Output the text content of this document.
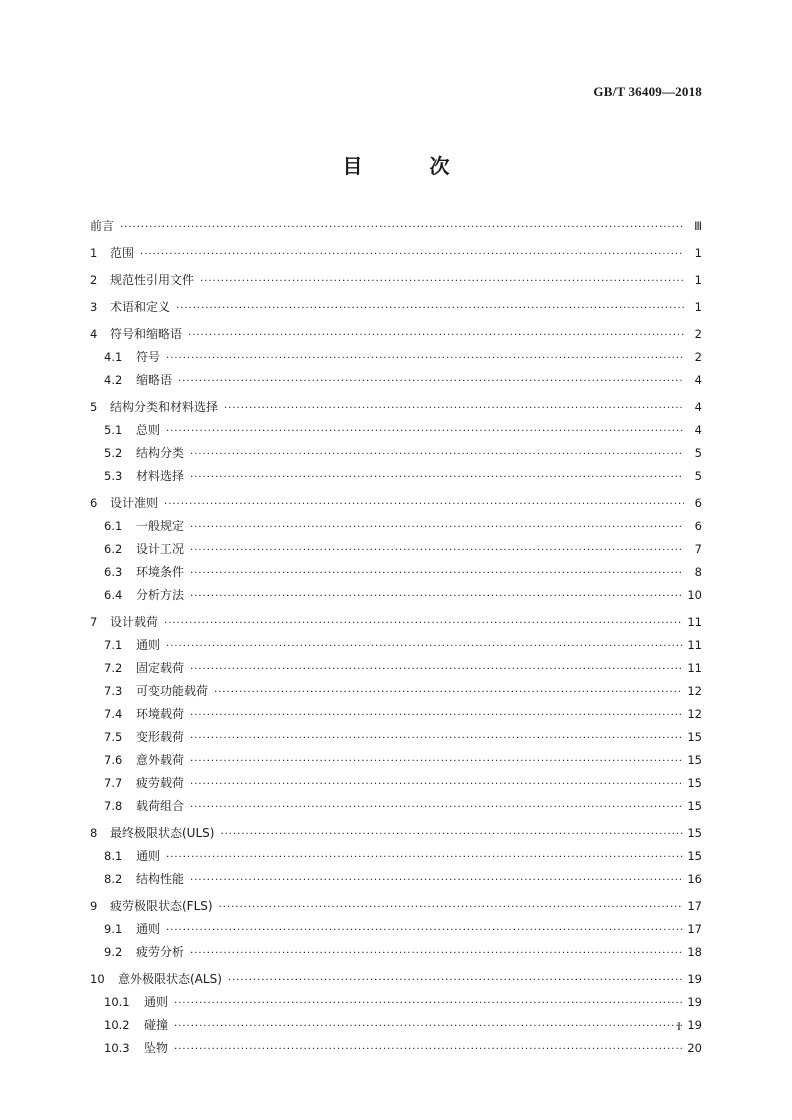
GB/T 36409—2018
目 次
前言 ·····	Ⅲ
1	范围 ·····	1
2	规范性引用文件 ·····	1
3	术语和定义 ·····	1
4	符号和缩略语 ·····	2
4.1	符号 ·····	2
4.2	缩略语 ·····	4
5	结构分类和材料选择 ·····	4
5.1	总则 ·····	4
5.2	结构分类 ·····	5
5.3	材料选择 ·····	5
6	设计准则 ·····	6
6.1	一般规定 ·····	6
6.2	设计工况 ·····	7
6.3	环境条件 ·····	8
6.4	分析方法 ·····	10
7	设计载荷 ·····	11
7.1	通则 ·····	11
7.2	固定载荷 ·····	11
7.3	可变功能载荷 ·····	12
7.4	环境载荷 ·····	12
7.5	变形载荷 ·····	15
7.6	意外载荷 ·····	15
7.7	疲劳载荷 ·····	15
7.8	载荷组合 ·····	15
8	最终极限状态(ULS) ·····	15
8.1	通则 ·····	15
8.2	结构性能 ·····	16
9	疲劳极限状态(FLS) ·····	17
9.1	通则 ·····	17
9.2	疲劳分析 ·····	18
10	意外极限状态(ALS) ·····	19
10.1	通则 ·····	19
10.2	碰撞 ·····	19
10.3	坠物 ·····	20
I
